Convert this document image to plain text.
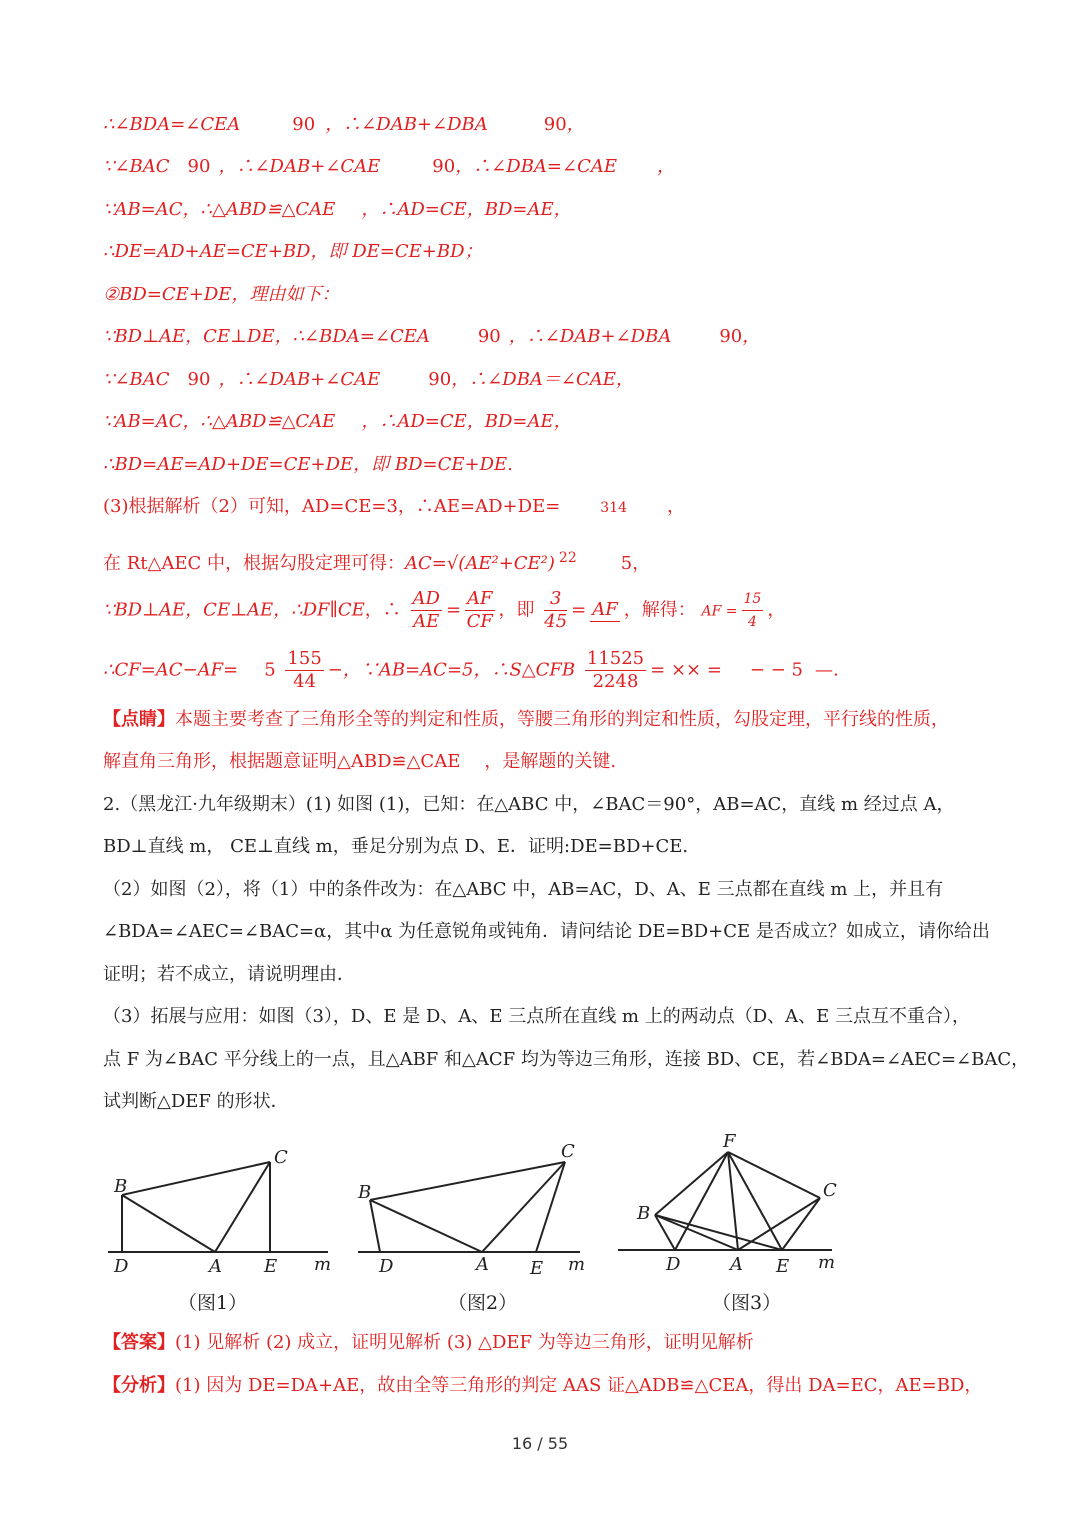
∴∠BDA=∠CEA	90 ，∴∠DAB+∠DBA	90，
∵∠BAC 90 ，∴∠DAB+∠CAE	90，∴∠DBA=∠CAE ，
∵AB=AC，∴△ABD≌△CAE ，∴AD=CE，BD=AE，
∴DE=AD+AE=CE+BD，即 DE=CE+BD；
②BD=CE+DE，理由如下：
∵BD⊥AE，CE⊥DE，∴∠BDA=∠CEA	90 ，∴∠DAB+∠DBA	90，
∵∠BAC 90 ，∴∠DAB+∠CAE	90，∴∠DBA＝∠CAE，
∵AB=AC，∴△ABD≌△CAE ，∴AD=CE，BD=AE，
∴BD=AE=AD+DE=CE+DE，即 BD=CE+DE.
(3)根据解析（2）可知，AD=CE=3，∴AE=AD+DE=	314 ，
在 Rt△AEC 中，根据勾股定理可得：AC=√(AE²+CE²) $^{22}$ 5，
∵BD⊥AE，CE⊥AE，∴DF∥CE，∴ $\frac{AD}{AE} = \frac{AF}{CF}$ ，即 $\frac{3}{45}$ = AF ，解得： AF = $\frac{15}{4}$ ，
∴CF=AC−AF= $5 \frac{155}{44}$ −，∵AB=AC=5，∴S△CFB $\frac{11525}{2248}$ = ×× = − − 5 —.
【点睛】本题主要考查了三角形全等的判定和性质，等腰三角形的判定和性质，勾股定理，平行线的性质，
解直角三角形，根据题意证明△ABD≌△CAE ，是解题的关键.
2.（黑龙江·九年级期末）(1) 如图 (1)，已知：在△ABC 中，∠BAC＝90°，AB=AC，直线 m 经过点 A，
BD⊥直线 m， CE⊥直线 m，垂足分别为点 D、E．证明:DE=BD+CE.
（2）如图（2），将（1）中的条件改为：在△ABC 中，AB=AC，D、A、E 三点都在直线 m 上，并且有
∠BDA=∠AEC=∠BAC=α，其中α 为任意锐角或钝角．请问结论 DE=BD+CE 是否成立？如成立，请你给出
证明；若不成立，请说明理由．
（3）拓展与应用：如图（3），D、E 是 D、A、E 三点所在直线 m 上的两动点（D、A、E 三点互不重合），
点 F 为∠BAC 平分线上的一点，且△ABF 和△ACF 均为等边三角形，连接 BD、CE，若∠BDA=∠AEC=∠BAC，
试判断△DEF 的形状．
B
C
D	A E m
（图1）
B
C
D	A E m
（图2）
F
B
C
D	A E m
（图3）
【答案】(1) 见解析 (2) 成立，证明见解析 (3) △DEF 为等边三角形，证明见解析
【分析】(1) 因为 DE=DA+AE，故由全等三角形的判定 AAS 证△ADB≌△CEA，得出 DA=EC，AE=BD，
16 / 55
